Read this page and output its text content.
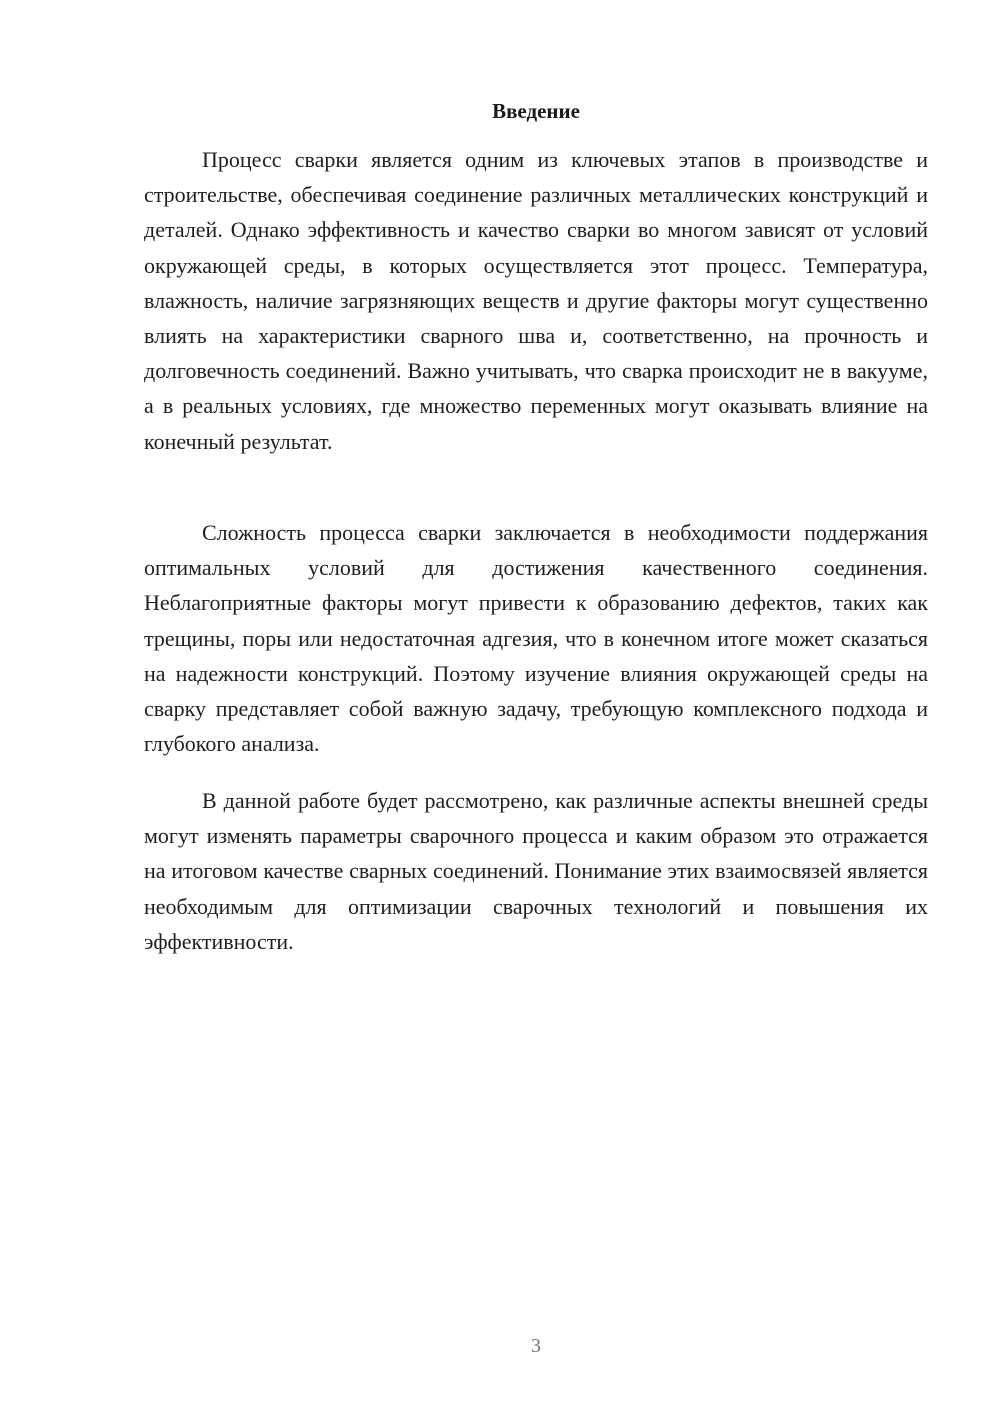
Введение

Процесс сварки является одним из ключевых этапов в производстве и строительстве, обеспечивая соединение различных металлических конструкций и деталей. Однако эффективность и качество сварки во многом зависят от условий окружающей среды, в которых осуществляется этот процесс. Температура, влажность, наличие загрязняющих веществ и другие факторы могут существенно влиять на характеристики сварного шва и, соответственно, на прочность и долговечность соединений. Важно учитывать, что сварка происходит не в вакууме, а в реальных условиях, где множество переменных могут оказывать влияние на конечный результат.

Сложность процесса сварки заключается в необходимости поддержания оптимальных условий для достижения качественного соединения. Неблагоприятные факторы могут привести к образованию дефектов, таких как трещины, поры или недостаточная адгезия, что в конечном итоге может сказаться на надежности конструкций. Поэтому изучение влияния окружающей среды на сварку представляет собой важную задачу, требующую комплексного подхода и глубокого анализа.

В данной работе будет рассмотрено, как различные аспекты внешней среды могут изменять параметры сварочного процесса и каким образом это отражается на итоговом качестве сварных соединений. Понимание этих взаимосвязей является необходимым для оптимизации сварочных технологий и повышения их эффективности.

3
